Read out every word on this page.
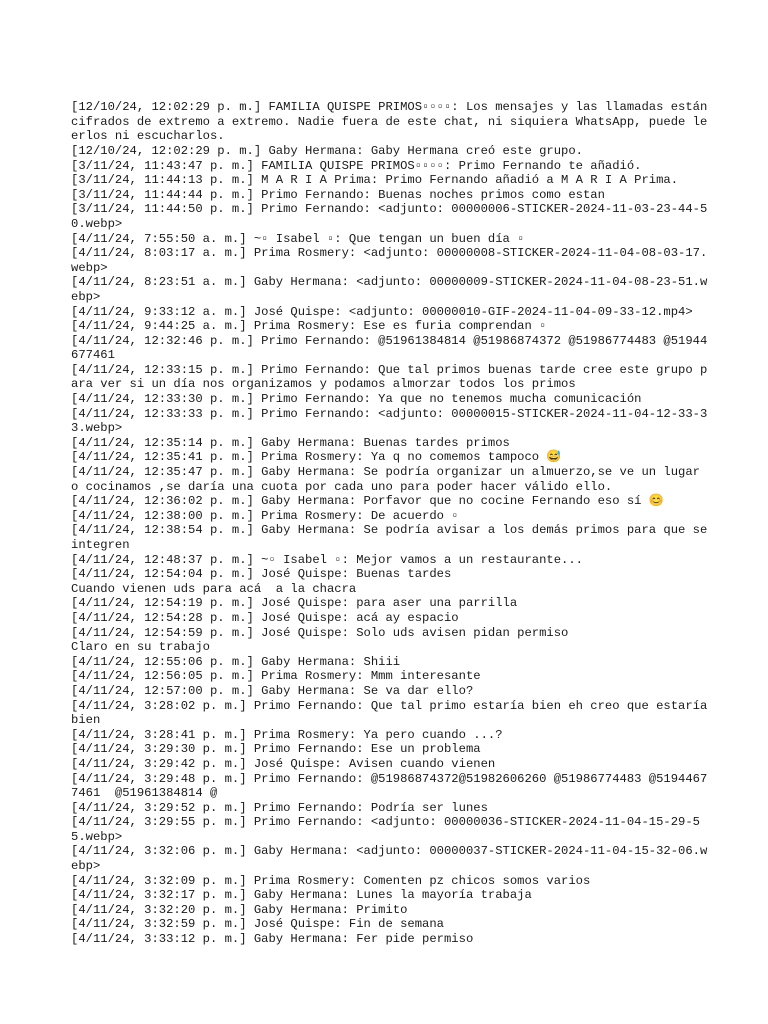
[12/10/24, 12:02:29 p. m.] FAMILIA QUISPE PRIMOS▫▫▫▫: Los mensajes y las llamadas están cifrados de extremo a extremo. Nadie fuera de este chat, ni siquiera WhatsApp, puede leerlos ni escucharlos.
[12/10/24, 12:02:29 p. m.] Gaby Hermana: Gaby Hermana creó este grupo.
[3/11/24, 11:43:47 p. m.] FAMILIA QUISPE PRIMOS▫▫▫▫: Primo Fernando te añadió.
[3/11/24, 11:44:13 p. m.] M A R I A Prima: Primo Fernando añadió a M A R I A Prima.
[3/11/24, 11:44:44 p. m.] Primo Fernando: Buenas noches primos como estan
[3/11/24, 11:44:50 p. m.] Primo Fernando: <adjunto: 00000006-STICKER-2024-11-03-23-44-50.webp>
[4/11/24, 7:55:50 a. m.] ~▫ Isabel ▫: Que tengan un buen día ▫
[4/11/24, 8:03:17 a. m.] Prima Rosmery: <adjunto: 00000008-STICKER-2024-11-04-08-03-17.webp>
[4/11/24, 8:23:51 a. m.] Gaby Hermana: <adjunto: 00000009-STICKER-2024-11-04-08-23-51.webp>
[4/11/24, 9:33:12 a. m.] José Quispe: <adjunto: 00000010-GIF-2024-11-04-09-33-12.mp4>
[4/11/24, 9:44:25 a. m.] Prima Rosmery: Ese es furia comprendan ▫
[4/11/24, 12:32:46 p. m.] Primo Fernando: @51961384814 @51986874372 @51986774483 @51944677461
[4/11/24, 12:33:15 p. m.] Primo Fernando: Que tal primos buenas tarde cree este grupo para ver si un día nos organizamos y podamos almorzar todos los primos
[4/11/24, 12:33:30 p. m.] Primo Fernando: Ya que no tenemos mucha comunicación
[4/11/24, 12:33:33 p. m.] Primo Fernando: <adjunto: 00000015-STICKER-2024-11-04-12-33-33.webp>
[4/11/24, 12:35:14 p. m.] Gaby Hermana: Buenas tardes primos
[4/11/24, 12:35:41 p. m.] Prima Rosmery: Ya q no comemos tampoco 😅
[4/11/24, 12:35:47 p. m.] Gaby Hermana: Se podría organizar un almuerzo,se ve un lugar o cocinamos ,se daría una cuota por cada uno para poder hacer válido ello.
[4/11/24, 12:36:02 p. m.] Gaby Hermana: Porfavor que no cocine Fernando eso sí 😊
[4/11/24, 12:38:00 p. m.] Prima Rosmery: De acuerdo ▫
[4/11/24, 12:38:54 p. m.] Gaby Hermana: Se podría avisar a los demás primos para que se integren
[4/11/24, 12:48:37 p. m.] ~▫ Isabel ▫: Mejor vamos a un restaurante...
[4/11/24, 12:54:04 p. m.] José Quispe: Buenas tardes
Cuando vienen uds para acá  a la chacra
[4/11/24, 12:54:19 p. m.] José Quispe: para aser una parrilla
[4/11/24, 12:54:28 p. m.] José Quispe: acá ay espacio
[4/11/24, 12:54:59 p. m.] José Quispe: Solo uds avisen pidan permiso
Claro en su trabajo
[4/11/24, 12:55:06 p. m.] Gaby Hermana: Shiii
[4/11/24, 12:56:05 p. m.] Prima Rosmery: Mmm interesante
[4/11/24, 12:57:00 p. m.] Gaby Hermana: Se va dar ello?
[4/11/24, 3:28:02 p. m.] Primo Fernando: Que tal primo estaría bien eh creo que estaría bien
[4/11/24, 3:28:41 p. m.] Prima Rosmery: Ya pero cuando ...?
[4/11/24, 3:29:30 p. m.] Primo Fernando: Ese un problema
[4/11/24, 3:29:42 p. m.] José Quispe: Avisen cuando vienen
[4/11/24, 3:29:48 p. m.] Primo Fernando: @51986874372@51982606260 @51986774483 @51944677461  @51961384814 @
[4/11/24, 3:29:52 p. m.] Primo Fernando: Podría ser lunes
[4/11/24, 3:29:55 p. m.] Primo Fernando: <adjunto: 00000036-STICKER-2024-11-04-15-29-55.webp>
[4/11/24, 3:32:06 p. m.] Gaby Hermana: <adjunto: 00000037-STICKER-2024-11-04-15-32-06.webp>
[4/11/24, 3:32:09 p. m.] Prima Rosmery: Comenten pz chicos somos varios
[4/11/24, 3:32:17 p. m.] Gaby Hermana: Lunes la mayoría trabaja
[4/11/24, 3:32:20 p. m.] Gaby Hermana: Primito
[4/11/24, 3:32:59 p. m.] José Quispe: Fin de semana
[4/11/24, 3:33:12 p. m.] Gaby Hermana: Fer pide permiso
